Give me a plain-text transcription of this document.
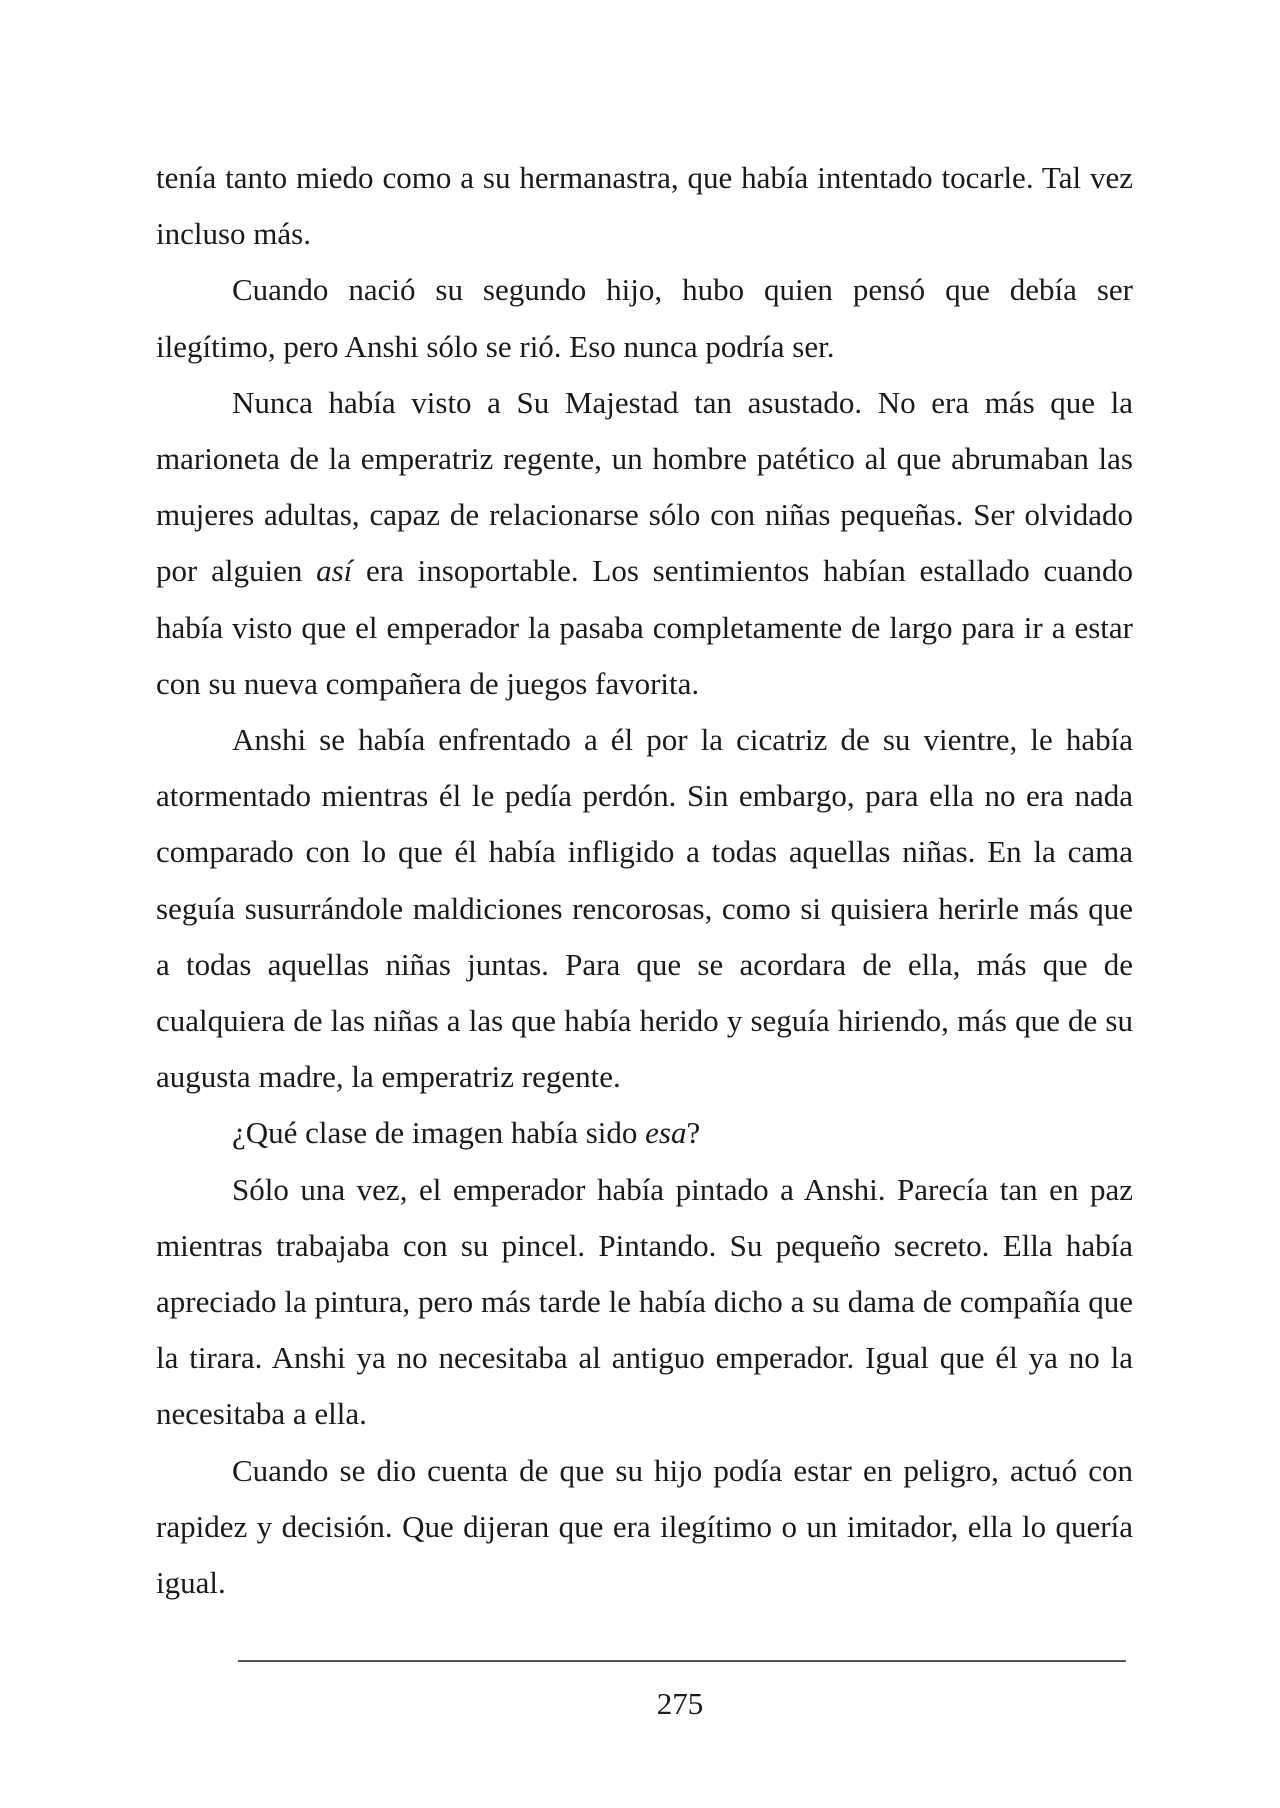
tenía tanto miedo como a su hermanastra, que había intentado tocarle. Tal vez incluso más.

Cuando nació su segundo hijo, hubo quien pensó que debía ser ilegítimo, pero Anshi sólo se rió. Eso nunca podría ser.

Nunca había visto a Su Majestad tan asustado. No era más que la marioneta de la emperatriz regente, un hombre patético al que abrumaban las mujeres adultas, capaz de relacionarse sólo con niñas pequeñas. Ser olvidado por alguien así era insoportable. Los sentimientos habían estallado cuando había visto que el emperador la pasaba completamente de largo para ir a estar con su nueva compañera de juegos favorita.

Anshi se había enfrentado a él por la cicatriz de su vientre, le había atormentado mientras él le pedía perdón. Sin embargo, para ella no era nada comparado con lo que él había infligido a todas aquellas niñas. En la cama seguía susurrándole maldiciones rencorosas, como si quisiera herirle más que a todas aquellas niñas juntas. Para que se acordara de ella, más que de cualquiera de las niñas a las que había herido y seguía hiriendo, más que de su augusta madre, la emperatriz regente.

¿Qué clase de imagen había sido esa?

Sólo una vez, el emperador había pintado a Anshi. Parecía tan en paz mientras trabajaba con su pincel. Pintando. Su pequeño secreto. Ella había apreciado la pintura, pero más tarde le había dicho a su dama de compañía que la tirara. Anshi ya no necesitaba al antiguo emperador. Igual que él ya no la necesitaba a ella.

Cuando se dio cuenta de que su hijo podía estar en peligro, actuó con rapidez y decisión. Que dijeran que era ilegítimo o un imitador, ella lo quería igual.

275
